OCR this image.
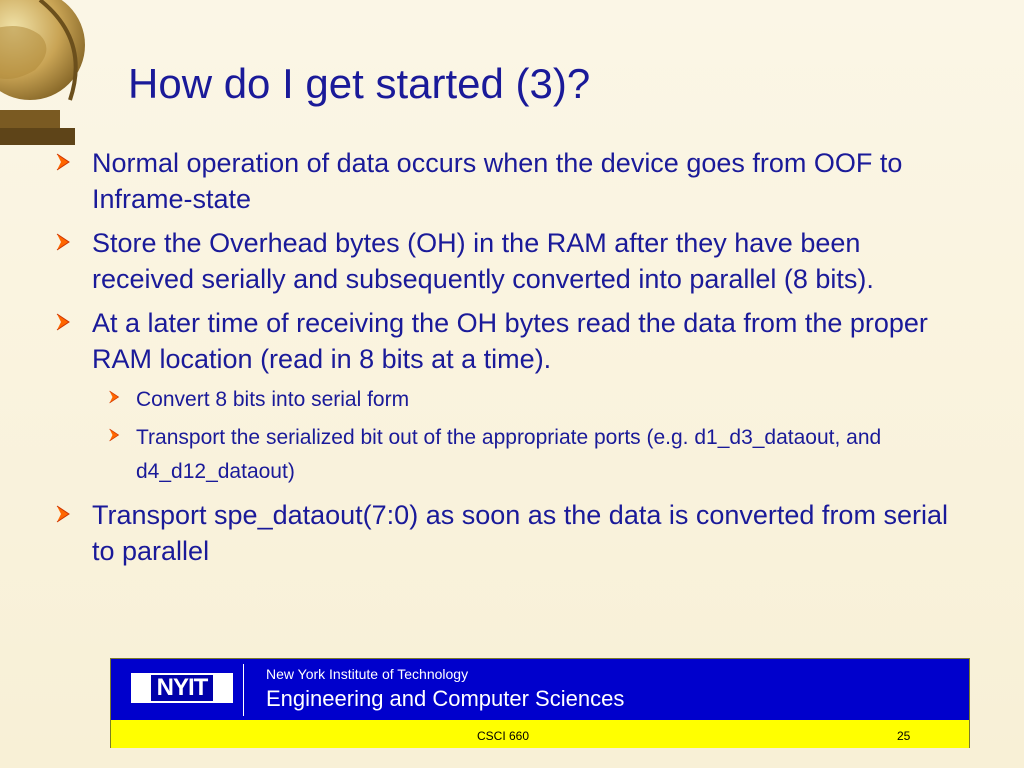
How do I get started (3)?
Normal operation of data occurs when the device goes from OOF to Inframe-state
Store the Overhead bytes (OH) in the RAM after they have been received serially and subsequently converted into parallel (8 bits).
At a later time of receiving the OH bytes read the data from the proper RAM location (read in 8 bits at a time).
Convert 8 bits into serial form
Transport the serialized bit out of the appropriate ports (e.g. d1_d3_dataout, and d4_d12_dataout)
Transport spe_dataout(7:0) as soon as the data is converted from serial to parallel
NYIT	New York Institute of Technology
Engineering and Computer Sciences
CSCI 660	25
